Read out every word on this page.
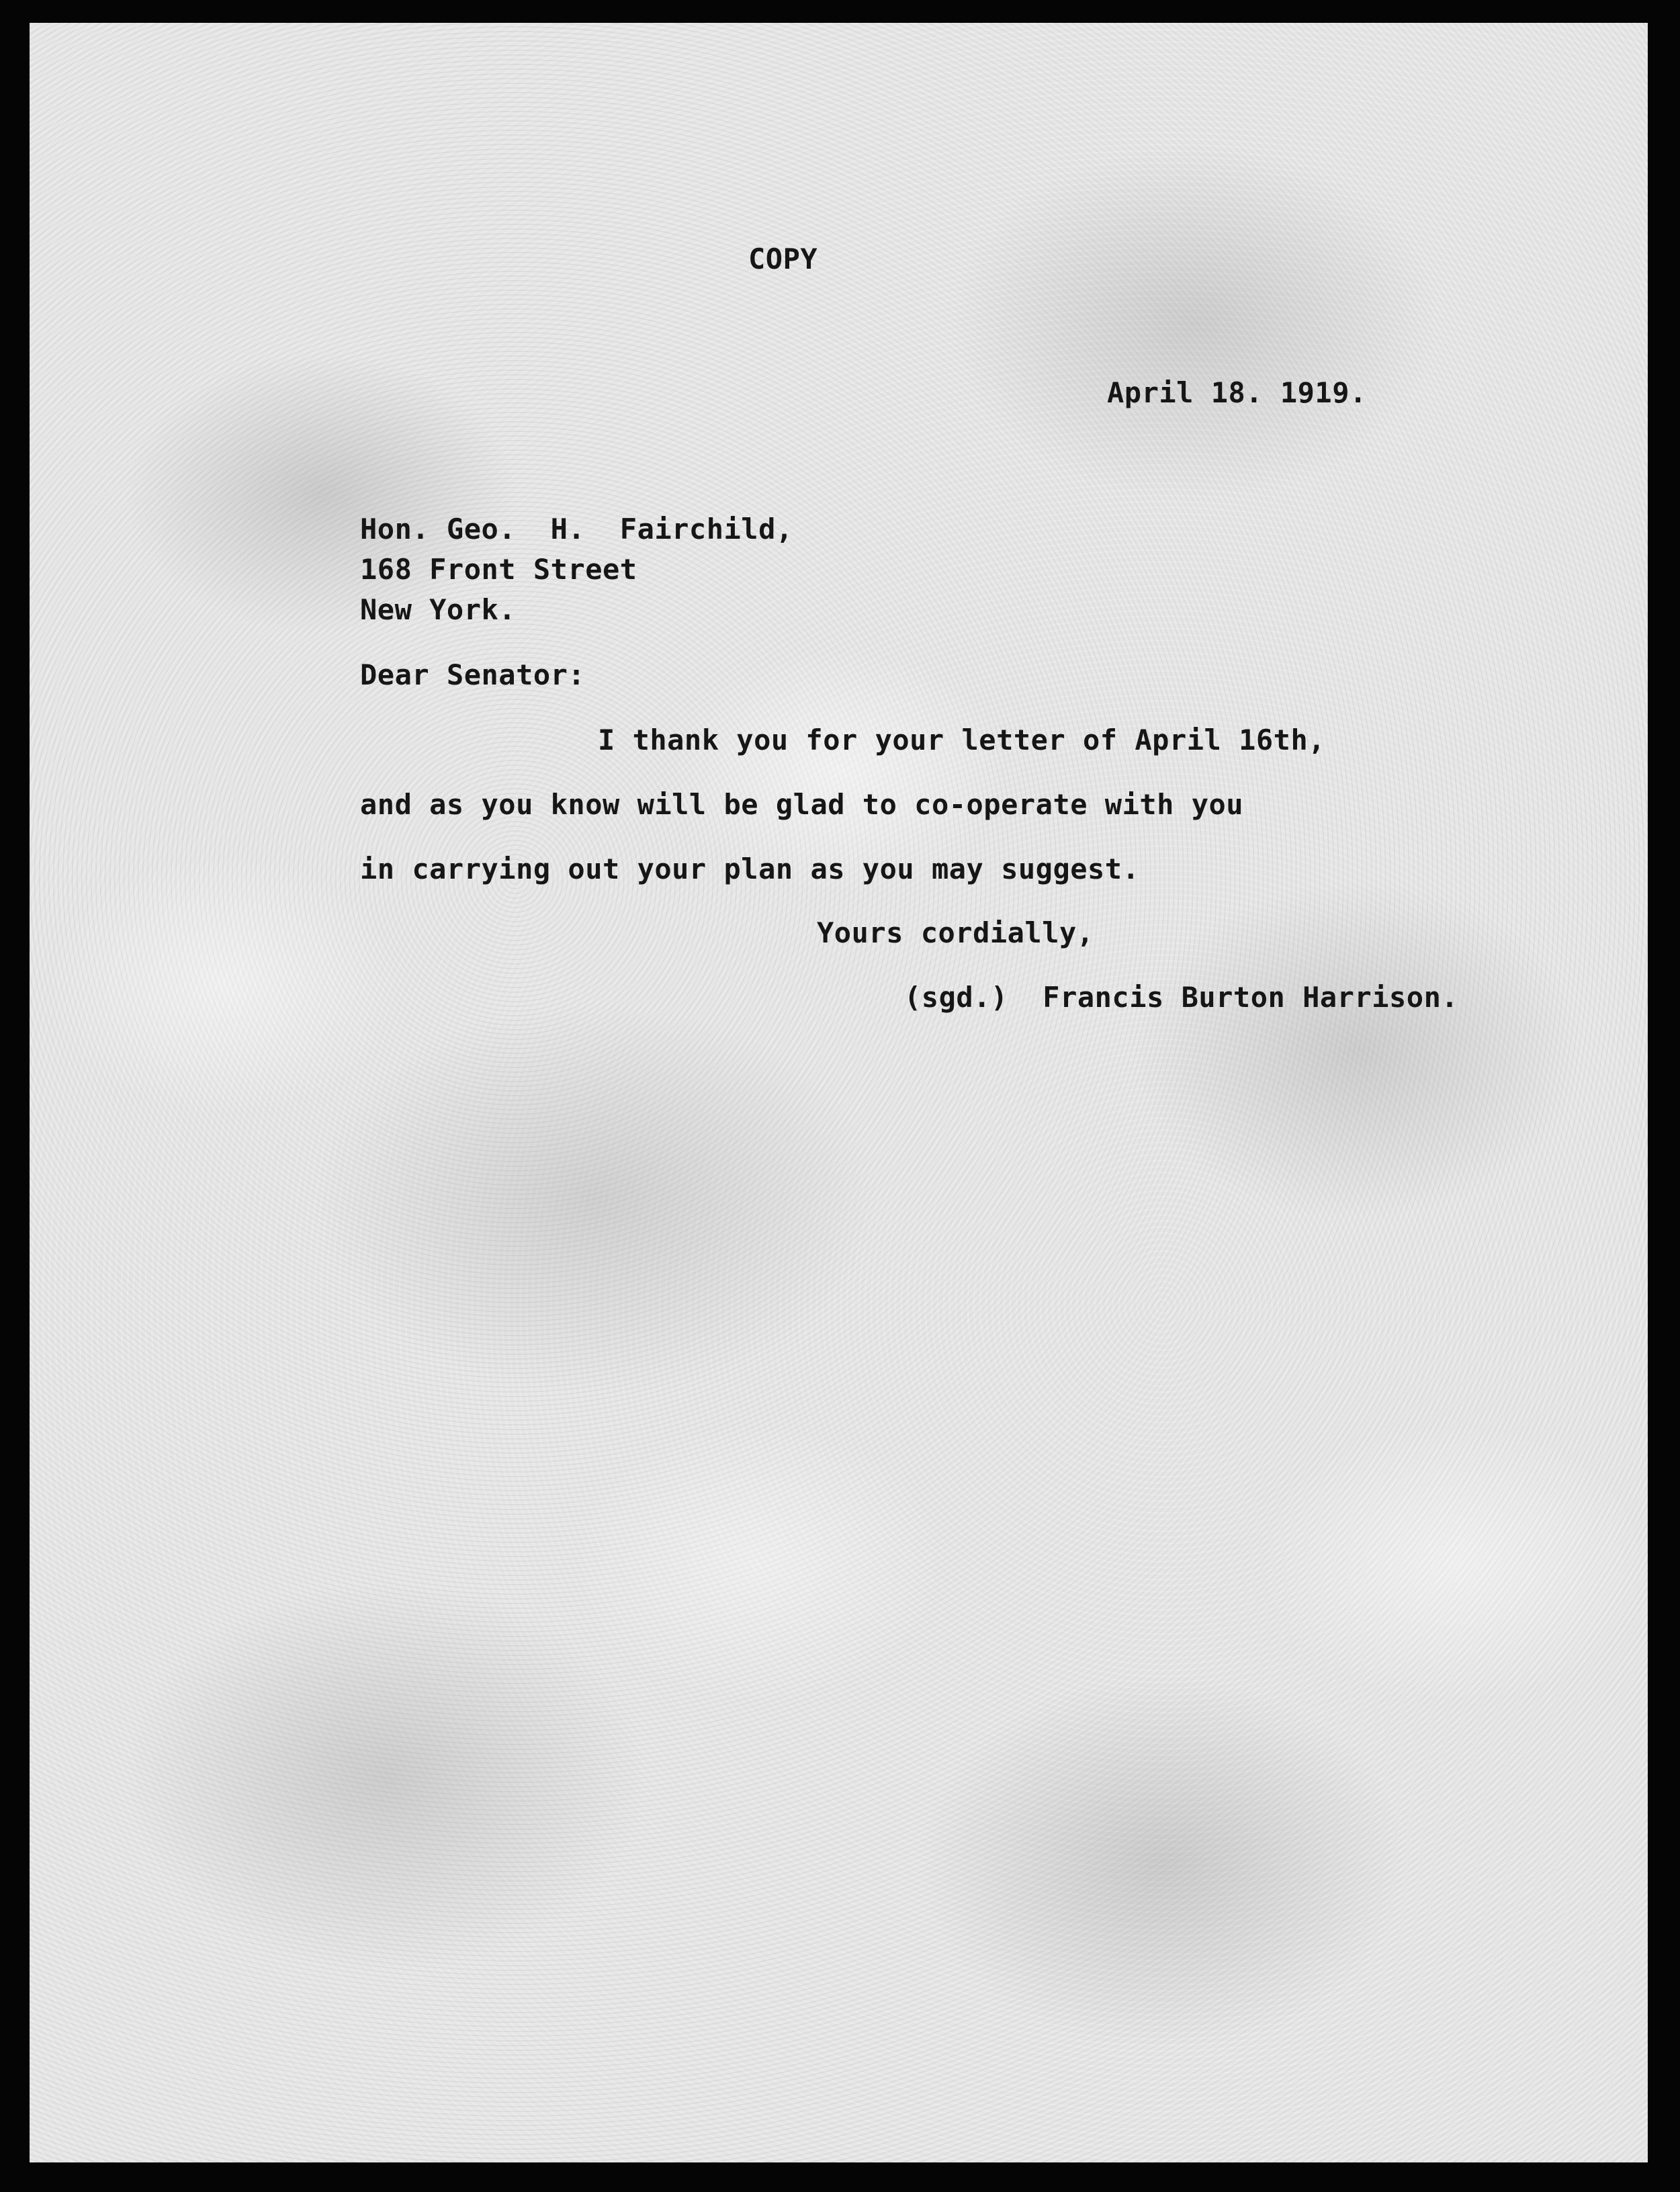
COPY
April 18. 1919.
Hon. Geo.  H.  Fairchild,
168 Front Street
New York.
Dear Senator:
I thank you for your letter of April 16th,
and as you know will be glad to co-operate with you
in carrying out your plan as you may suggest.
Yours cordially,
(sgd.)  Francis Burton Harrison.
